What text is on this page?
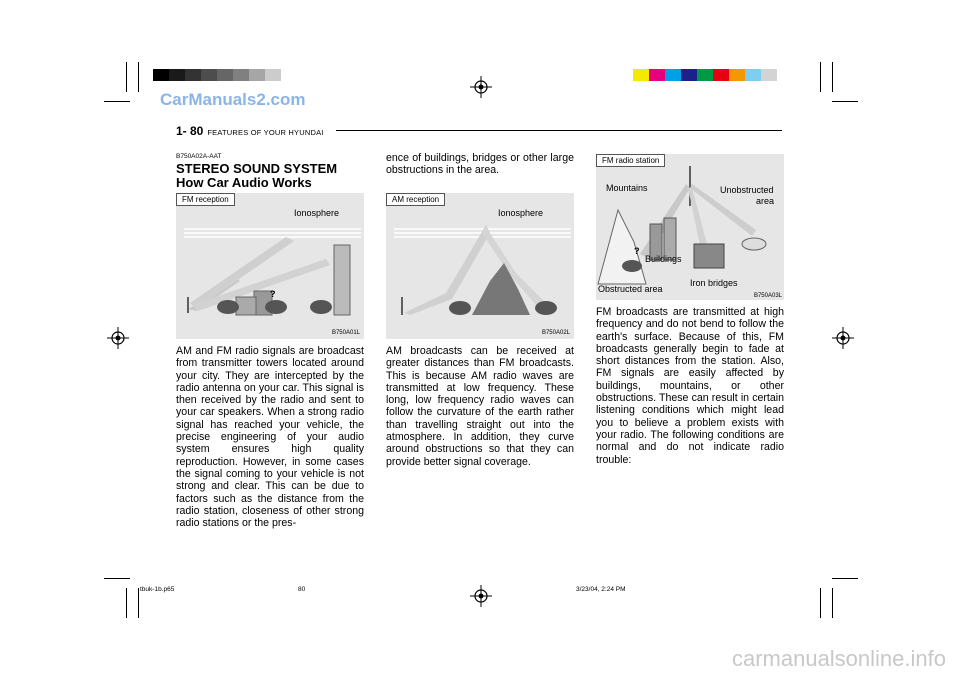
CarManuals2.com
1- 80 FEATURES OF YOUR HYUNDAI
B750A02A-AAT
STEREO SOUND SYSTEM
How Car Audio Works
FM reception
Ionosphere
?
B750A01L
AM and FM radio signals are broadcast from transmitter towers located around your city. They are intercepted by the radio antenna on your car. This signal is then received by the radio and sent to your car speakers. When a strong radio signal has reached your vehicle, the precise engineering of your audio system ensures high quality reproduction. However, in some cases the signal coming to your vehicle is not strong and clear. This can be due to factors such as the distance from the radio station, closeness of other strong radio stations or the pres-
ence of buildings, bridges or other large obstructions in the area.
AM reception
Ionosphere
B750A02L
AM broadcasts can be received at greater distances than FM broadcasts. This is because AM radio waves are transmitted at low frequency. These long, low frequency radio waves can follow the curvature of the earth rather than travelling straight out into the atmosphere. In addition, they curve around obstructions so that they can provide better signal coverage.
FM radio station
Mountains	Unobstructed
area
Buildings
?
Obstructed area
Iron bridges
B750A03L
FM broadcasts are transmitted at high frequency and do not bend to follow the earth's surface. Because of this, FM broadcasts generally begin to fade at short distances from the station. Also, FM signals are easily affected by buildings, mountains, or other obstructions. These can result in certain listening conditions which might lead you to believe a problem exists with your radio. The following conditions are normal and do not indicate radio trouble:
tbuk-1b.p65	80	3/23/04, 2:24 PM
carmanualsonline.info
